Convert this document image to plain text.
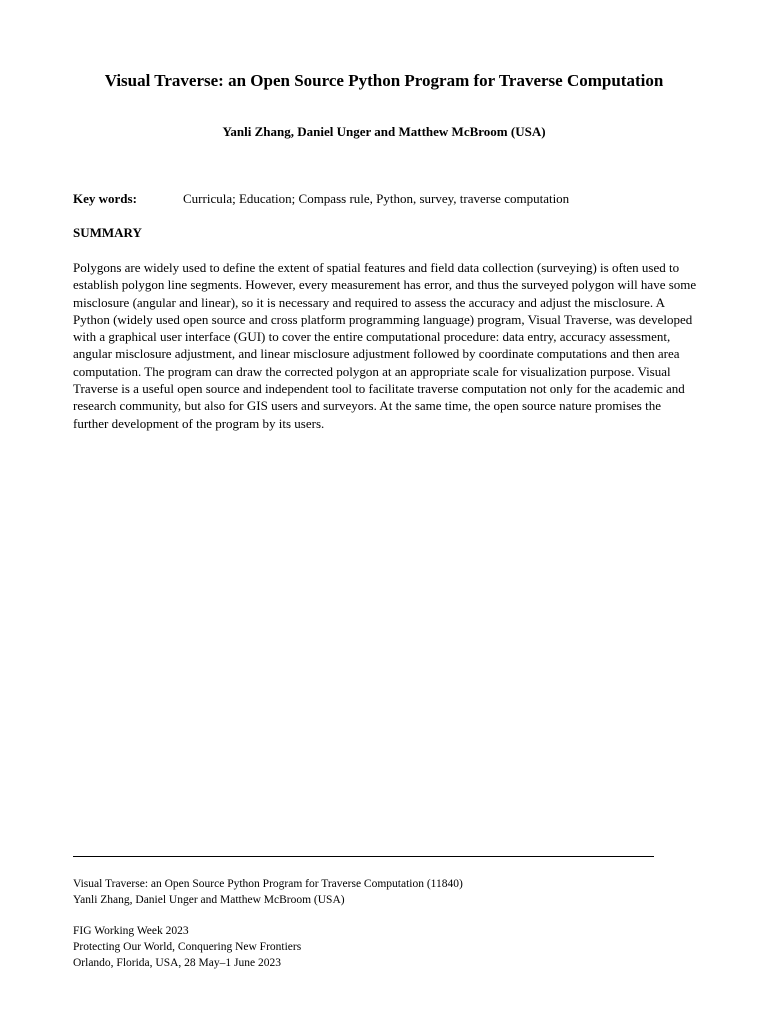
Visual Traverse: an Open Source Python Program for Traverse Computation
Yanli Zhang, Daniel Unger and Matthew McBroom (USA)
Key words:	Curricula; Education; Compass rule, Python, survey, traverse computation
SUMMARY
Polygons are widely used to define the extent of spatial features and field data collection (surveying) is often used to establish polygon line segments. However, every measurement has error, and thus the surveyed polygon will have some misclosure (angular and linear), so it is necessary and required to assess the accuracy and adjust the misclosure. A Python (widely used open source and cross platform programming language) program, Visual Traverse, was developed with a graphical user interface (GUI) to cover the entire computational procedure: data entry, accuracy assessment, angular misclosure adjustment, and linear misclosure adjustment followed by coordinate computations and then area computation. The program can draw the corrected polygon at an appropriate scale for visualization purpose. Visual Traverse is a useful open source and independent tool to facilitate traverse computation not only for the academic and research community, but also for GIS users and surveyors. At the same time, the open source nature promises the further development of the program by its users.
Visual Traverse: an Open Source Python Program for Traverse Computation (11840)
Yanli Zhang, Daniel Unger and Matthew McBroom (USA)
FIG Working Week 2023
Protecting Our World, Conquering New Frontiers
Orlando, Florida, USA, 28 May–1 June 2023
